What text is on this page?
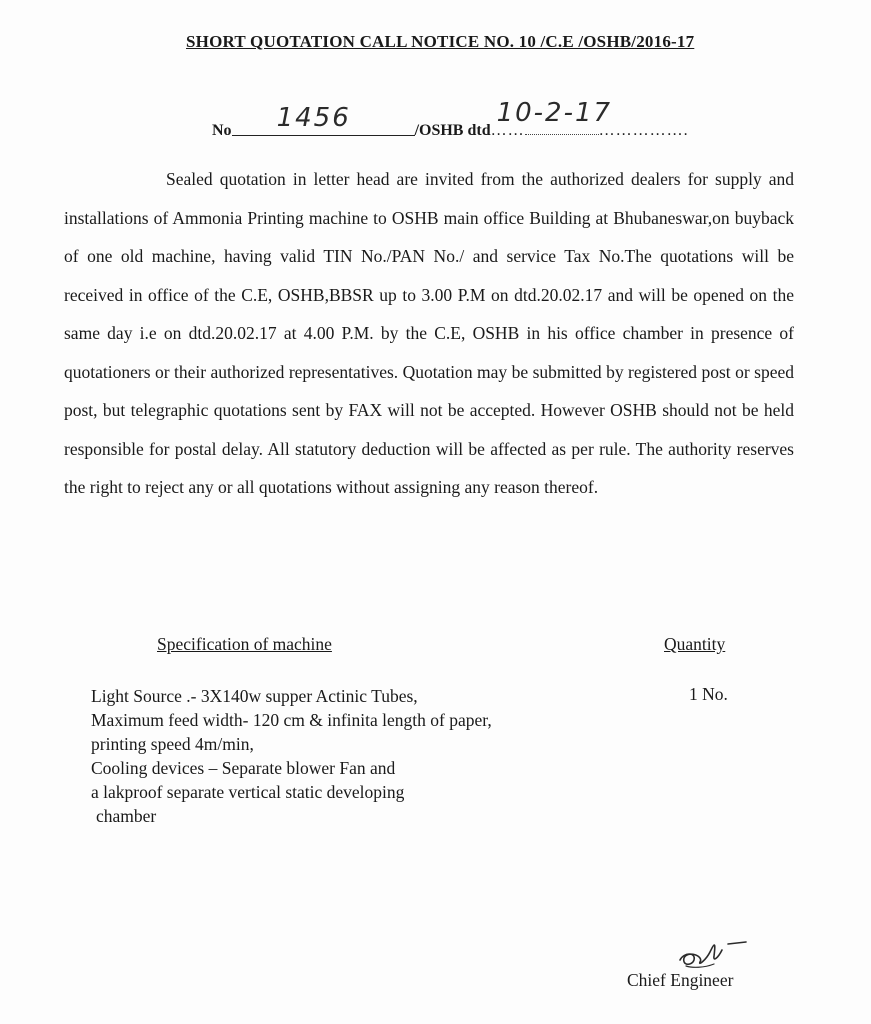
SHORT QUOTATION CALL NOTICE NO. 10 /C.E /OSHB/2016-17
No 1456	/OSHB dtd ……	…………….
10-2-17

Sealed quotation in letter head are invited from the authorized dealers for supply and installations of Ammonia Printing machine to OSHB main office Building at Bhubaneswar,on buyback of one old machine, having valid TIN No./PAN No./ and service Tax No.The quotations will be received in office of the C.E, OSHB,BBSR up to 3.00 P.M on dtd.20.02.17 and will be opened on the same day i.e on dtd.20.02.17 at 4.00 P.M. by the C.E, OSHB in his office chamber in presence of quotationers or their authorized representatives. Quotation may be submitted by registered post or speed post, but telegraphic quotations sent by FAX will not be accepted. However OSHB should not be held responsible for postal delay. All statutory deduction will be affected as per rule. The authority reserves the right to reject any or all quotations without assigning any reason thereof.

Specification of machine	Quantity
Light Source .- 3X140w supper Actinic Tubes,
Maximum feed width- 120 cm & infinita length of paper,
printing speed 4m/min,
Cooling devices – Separate blower Fan and
a lakproof separate vertical static developing
chamber
1 No.
Chief Engineer
